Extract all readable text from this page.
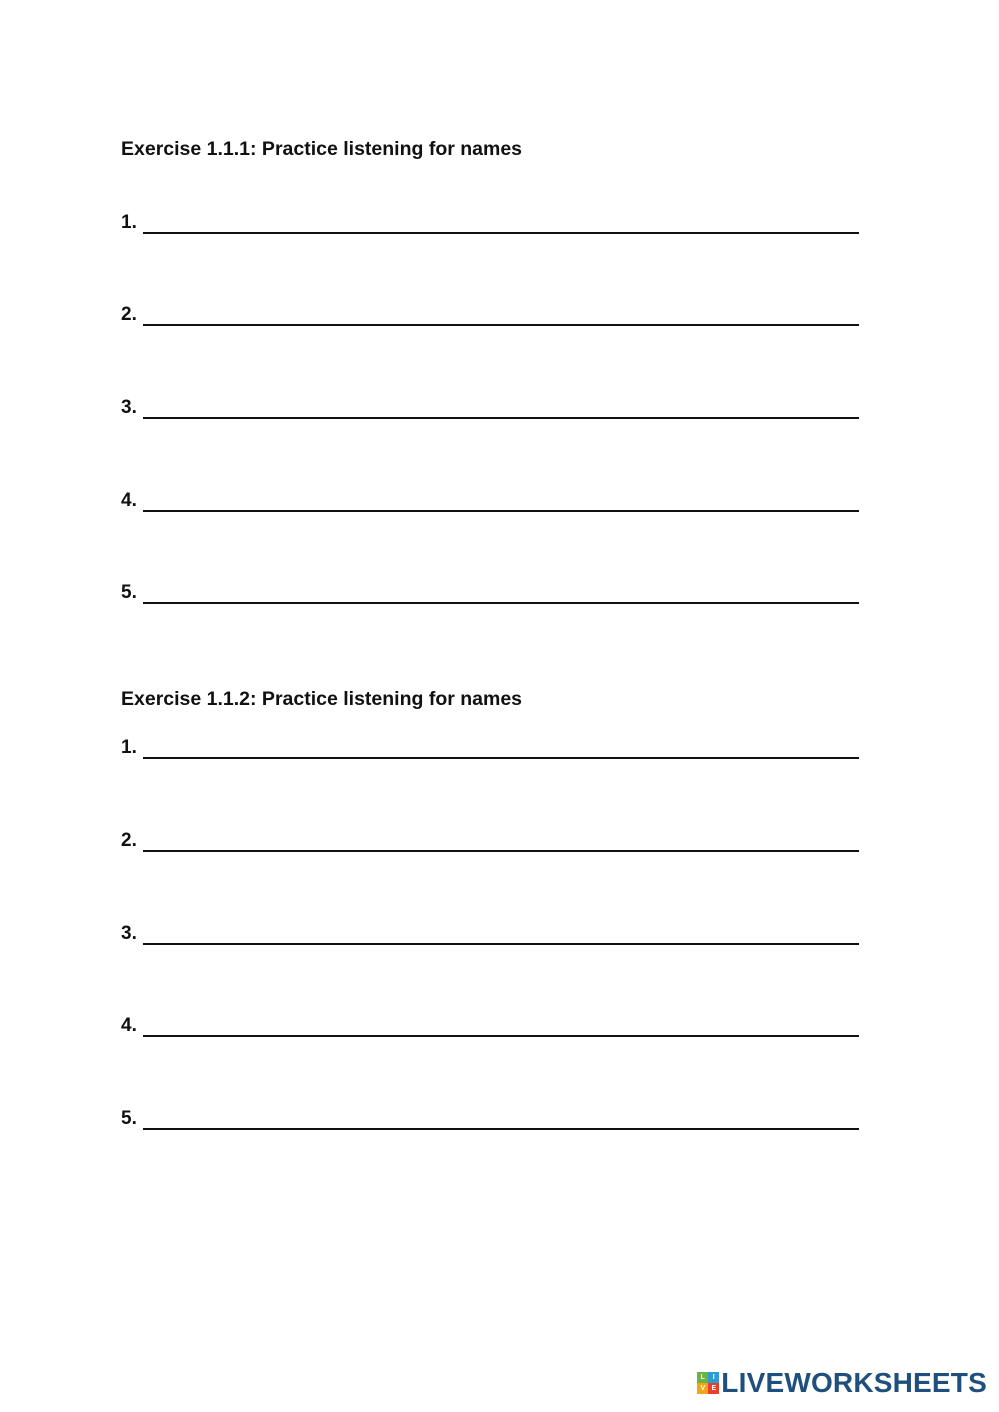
Exercise 1.1.1: Practice listening for names
1.
2.
3.
4.
5.
Exercise 1.1.2: Practice listening for names
1.
2.
3.
4.
5.
L	I
V E LIVEWORKSHEETS
